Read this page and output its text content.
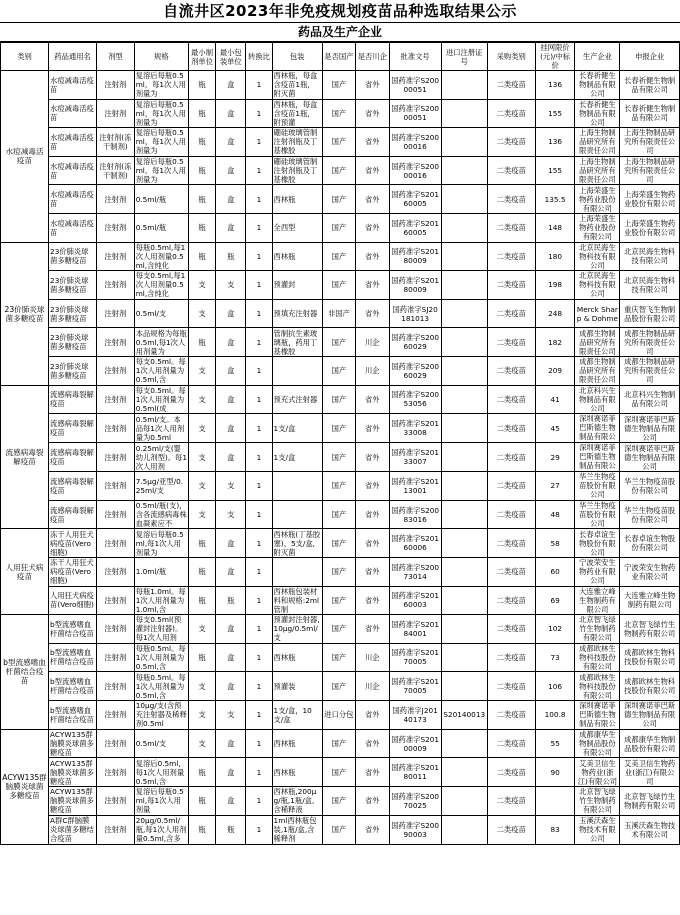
自流井区2023年非免疫规划疫苗品种选取结果公示
药品及生产企业
类别	药品通用名	剂型	规格	最小制剂单位	最小包装单位	转换比	包装	是否国产	是否川企	批准文号	进口注册证号	采购类别	挂网限价(元)/中标价	生产企业	申报企业
水痘减毒活疫苗	水痘减毒活疫苗	注射剂	复溶后每瓶0.5ml，每1次人用剂量为	瓶	盒	1	西林瓶，每盒含疫苗1瓶，附灭菌	国产	省外	国药准字S20000051		二类疫苗	136	长春祈健生物制品有限公司	长春祈健生物制品有限公司

	水痘减毒活疫苗	注射剂	复溶后每瓶0.5ml，每1次人用剂量为	瓶	盒	1	西林瓶，每盒含疫苗1瓶，附预灌	国产	省外	国药准字S20000051		二类疫苗	155	长春祈健生物制品有限公司	长春祈健生物制品有限公司

	水痘减毒活疫苗	注射剂(冻干制剂)	复溶后每瓶0.5ml，每1次人用剂量为	瓶	盒	1	硼硅玻璃管制注射剂瓶及丁基橡胶	国产	省外	国药准字S20000016		二类疫苗	136	上海生物制品研究所有限责任公司	上海生物制品研究所有限责任公司

	水痘减毒活疫苗	注射剂(冻干制剂)	复溶后每瓶0.5ml，每1次人用剂量为	瓶	盒	1	硼硅玻璃管制注射剂瓶及丁基橡胶	国产	省外	国药准字S20000016		二类疫苗	155	上海生物制品研究所有限责任公司	上海生物制品研究所有限责任公司

	水痘减毒活疫苗	注射剂	0.5ml/瓶	瓶	盒	1	西林瓶	国产	省外	国药准字S20160005		二类疫苗	135.5	上海荣盛生物药业股份有限公司	上海荣盛生物药业股份有限公司

	水痘减毒活疫苗	注射剂	0.5ml/瓶	瓶	盒	1	全西型	国产	省外	国药准字S20160005		二类疫苗	148	上海荣盛生物药业股份有限公司	上海荣盛生物药业股份有限公司

23价肺炎球菌多糖疫苗	23价肺炎球菌多糖疫苗	注射剂	每瓶0.5ml,每1次人用剂量0.5ml,含纯化	瓶	瓶	1	西林瓶	国产	省外	国药准字S20180009		二类疫苗	180	北京民海生物科技有限公司	北京民海生物科技有限公司

	23价肺炎球菌多糖疫苗	注射剂	每支0.5ml,每1次人用剂量0.5ml,含纯化	支	支	1	预灌封	国产	省外	国药准字S20180009		二类疫苗	198	北京民海生物科技有限公司	北京民海生物科技有限公司

	23价肺炎球菌多糖疫苗	注射剂	0.5ml/支	支	盒	1	预填充注射器	非国产	省外	国药准字SJ20181013		二类疫苗	248	Merck Sharp & Dohme	重庆智飞生物制品股份有限公司

	23价肺炎球菌多糖疫苗	注射剂	本品规格为每瓶0.5ml,每1次人用剂量为	瓶	盒	1	管制抗生素玻璃瓶，药用丁基橡胶	国产	川企	国药准字S20060029		二类疫苗	182	成都生物制品研究所有限责任公司	成都生物制品研究所有限责任公司

	23价肺炎球菌多糖疫苗	注射剂	每支0.5ml。每1次人用剂量为0.5ml,含	支	盒	1		国产	川企	国药准字S20060029		二类疫苗	209	成都生物制品研究所有限责任公司	成都生物制品研究所有限责任公司

流感病毒裂解疫苗	流感病毒裂解疫苗	注射剂	每支0.5ml。每1次人用剂量为0.5ml(成	支	盒	1	预充式注射器	国产	省外	国药准字S20053056		二类疫苗	41	北京科兴生物制品有限公司	北京科兴生物制品有限公司

	流感病毒裂解疫苗	注射剂	0.5ml/支。本品每1次人用剂量为0.5ml	支	盒	1	1支/盒	国产	省外	国药准字S20133008		二类疫苗	45	深圳赛诺菲巴斯德生物制品有限公	深圳赛诺菲巴斯德生物制品有限公司

	流感病毒裂解疫苗	注射剂	0.25ml/支(婴幼儿剂型)。每1次人用剂	支	盒	1	1支/盒	国产	省外	国药准字S20133007		二类疫苗	29	深圳赛诺菲巴斯德生物制品有限公	深圳赛诺菲巴斯德生物制品有限公司

	流感病毒裂解疫苗	注射剂	7.5μg/亚型/0.25ml/支	支	支	1		国产	省外	国药准字S20113001		二类疫苗	27	华兰生物疫苗股份有限公司	华兰生物疫苗股份有限公司

	流感病毒裂解疫苗	注射剂	0.5ml/瓶(支)，含各流感病毒株血凝素应不	支	支	1		国产	省外	国药准字S20083016		二类疫苗	48	华兰生物疫苗股份有限公司	华兰生物疫苗股份有限公司

人用狂犬病疫苗	冻干人用狂犬病疫苗(Vero细胞)	注射剂	复溶后每瓶0.5ml,每1次人用剂量为	瓶	盒	1	西林瓶(丁基胶塞)，5支/盒,附灭菌	国产	省外	国药准字S20160006		二类疫苗	58	长春卓谊生物股份有限公司	长春卓谊生物股份有限公司

	冻干人用狂犬病疫苗(Vero细胞)	注射剂	1.0ml/瓶	瓶	盒	1		国产	省外	国药准字S20073014		二类疫苗	60	宁波荣安生物药业有限公司	宁波荣安生物药业有限公司

	人用狂犬病疫苗(Vero细胞)	注射剂	每瓶1.0ml。每1次人用剂量为1.0ml,含	瓶	瓶	1	西林瓶包装材料和规格:2ml管制	国产	省外	国药准字S20160003		二类疫苗	69	大连雅立峰生物制药有限公司	大连雅立峰生物制药有限公司

b型流感嗜血杆菌结合疫苗	b型流感嗜血杆菌结合疫苗	注射剂	每支0.5ml(预灌封注射器)。每1次人用剂	支	盒	1	预灌封注射器,10μg/0.5ml/支	国产	省外	国药准字S20184001		二类疫苗	102	北京智飞绿竹生物制药有限公司	北京智飞绿竹生物制药有限公司

	b型流感嗜血杆菌结合疫苗	注射剂	每瓶0.5ml。每1次人用剂量为0.5ml,含	瓶	盒	1	西林瓶	国产	川企	国药准字S20170005		二类疫苗	73	成都欧林生物科技股份有限公司	成都欧林生物科技股份有限公司

	b型流感嗜血杆菌结合疫苗	注射剂	每瓶0.5ml。每1次人用剂量为0.5ml,含	支	盒	1	预灌装	国产	川企	国药准字S20170005		二类疫苗	106	成都欧林生物科技股份有限公司	成都欧林生物科技股份有限公司

	b型流感嗜血杆菌结合疫苗	注射剂	10μg/支(含预充注射器及稀释剂0.5ml	支	支	1	1支/盒，10支/盒	进口分包	省外	国药准字J20140173	S20140013	二类疫苗	100.8	深圳赛诺菲巴斯德生物制品有限公	深圳赛诺菲巴斯德生物制品有限公司

ACYW135群脑膜炎球菌多糖疫苗	ACYW135群脑膜炎球菌多糖疫苗	注射剂	0.5ml/支	支	盒	1	西林瓶	国产	省外	国药准字S20100009		二类疫苗	55	成都康华生物制品股份有限公司	成都康华生物制品股份有限公司

	ACYW135群脑膜炎球菌多糖疫苗	注射剂	复溶后0.5ml,每1次人用剂量0.5ml,含	瓶	盒	1	西林瓶	国产	省外	国药准字S20180011		二类疫苗	90	艾美卫信生物药业(浙江)有限公司	艾美卫信生物药业(浙江)有限公司

	ACYW135群脑膜炎球菌多糖疫苗	注射剂	复溶后每瓶0.5ml,每1次人用剂量	瓶	盒	1	西林瓶,200μg/瓶,1瓶/盒,含稀释液	国产	省外	国药准字S20070025		二类疫苗		北京智飞绿竹生物制药有限公司	北京智飞绿竹生物制药有限公司

	A群C群脑膜炎球菌多糖结合疫苗	注射剂	20μg/0.5ml/瓶,每1次人用剂量0.5ml,含多	瓶	瓶	1	1ml西林瓶包装,1瓶/盒,含稀释剂	国产	省外	国药准字S20090003		二类疫苗	83	玉溪沃森生物技术有限公司	玉溪沃森生物技术有限公司
